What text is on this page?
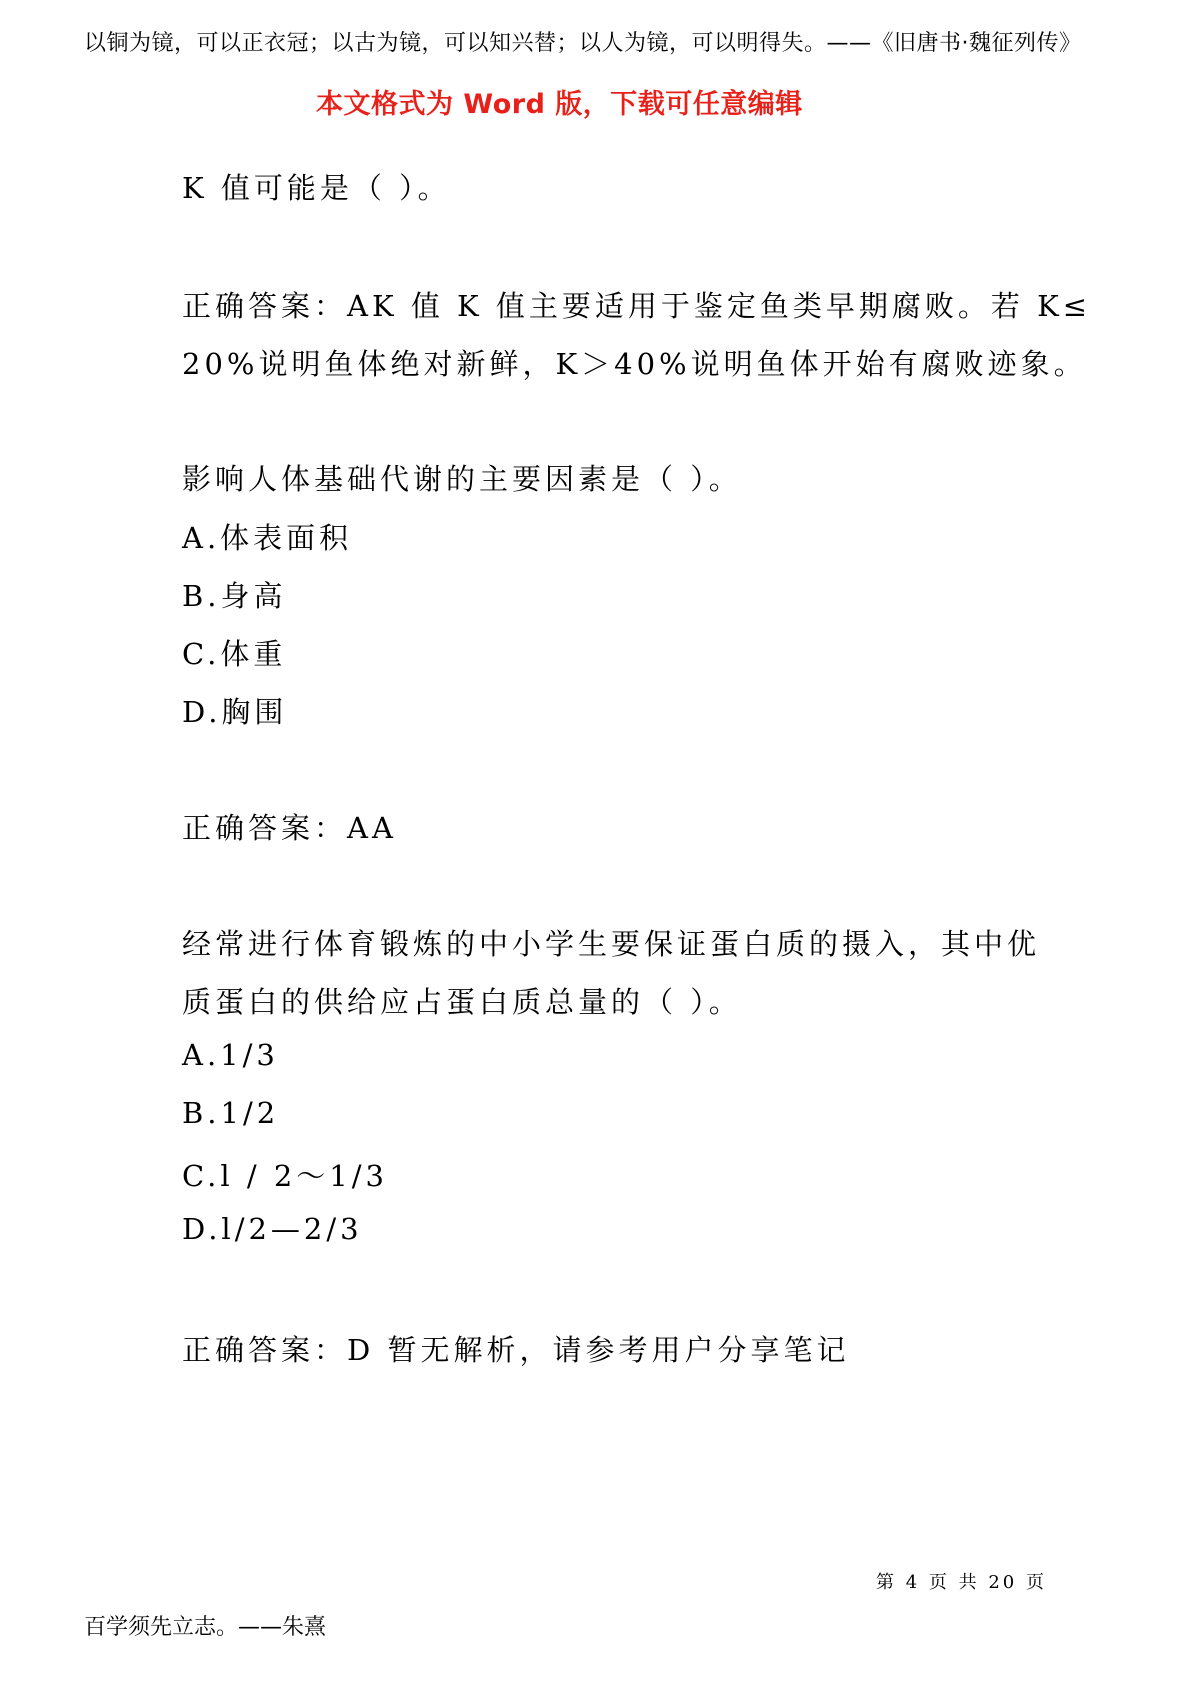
以铜为镜，可以正衣冠；以古为镜，可以知兴替；以人为镜，可以明得失。——《旧唐书·魏征列传》
本文格式为 Word 版，下载可任意编辑
K 值可能是（ ）。
正确答案：AK 值 K 值主要适用于鉴定鱼类早期腐败。若 K≤
20%说明鱼体绝对新鲜，K＞40%说明鱼体开始有腐败迹象。
影响人体基础代谢的主要因素是（ ）。
A.体表面积
B.身高
C.体重
D.胸围
正确答案：AA
经常进行体育锻炼的中小学生要保证蛋白质的摄入，其中优
质蛋白的供给应占蛋白质总量的（ ）。
A.1/3
B.1/2
C.l / 2～1/3
D.l/2—2/3
正确答案：D 暂无解析，请参考用户分享笔记
第 4 页 共 20 页
百学须先立志。——朱熹
